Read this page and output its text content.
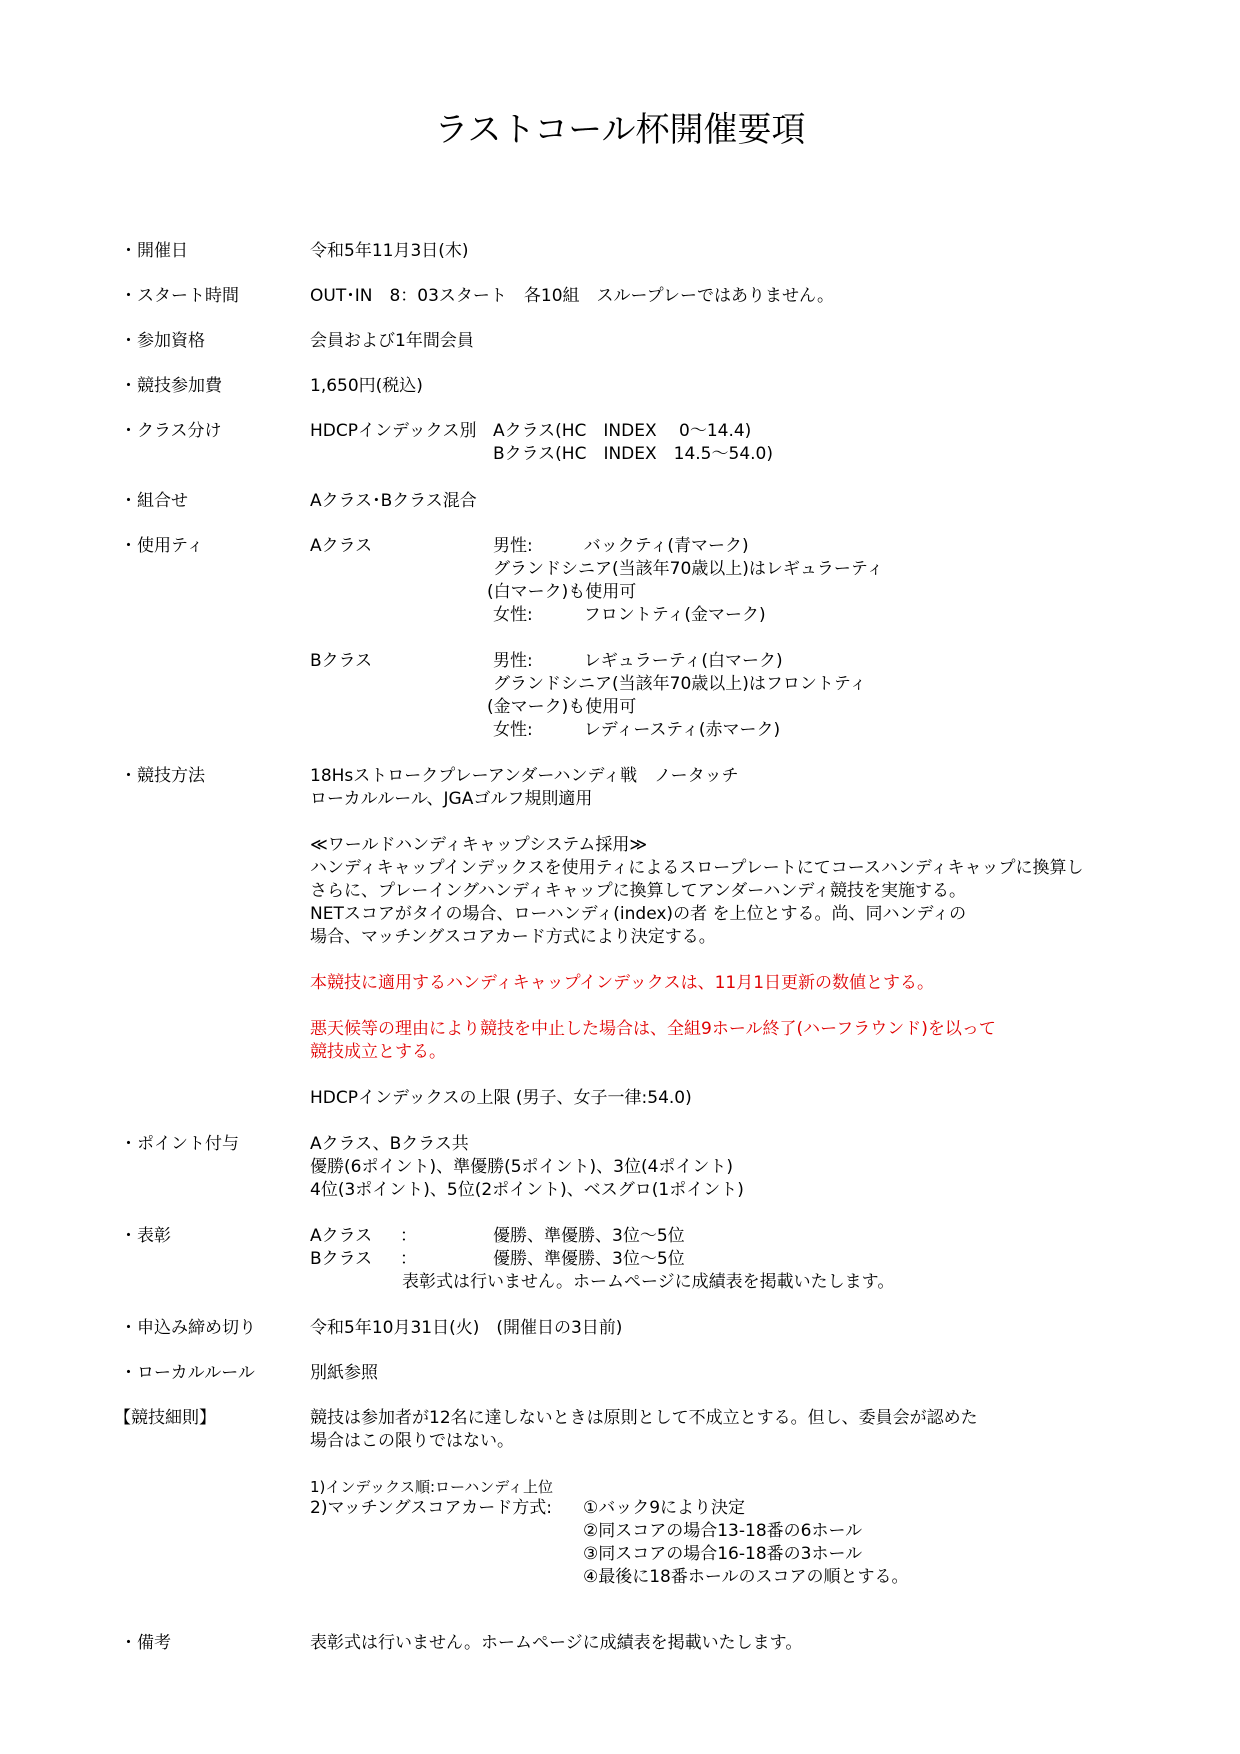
ラストコール杯開催要項
・開催日	令和5年11月3日(木)
・スタート時間	OUT･IN　8：03スタート　各10組　スループレーではありません。
・参加資格	会員および1年間会員
・競技参加費	1,650円(税込)
・クラス分け	HDCPインデックス別 Aクラス(HC　INDEX　 0～14.4)
Bクラス(HC　INDEX　14.5～54.0)
・組合せ	Aクラス･Bクラス混合
・使用ティ	Aクラス	男性:　　　バックティ(青マーク)
グランドシニア(当該年70歳以上)はレギュラーティ
(白マーク)も使用可
女性:　　　フロントティ(金マーク)
Bクラス	男性:　　　レギュラーティ(白マーク)
グランドシニア(当該年70歳以上)はフロントティ
(金マーク)も使用可
女性:　　　レディースティ(赤マーク)
・競技方法	18Hsストロークプレーアンダーハンディ戦　ノータッチ
ローカルルール、JGAゴルフ規則適用
≪ワールドハンディキャップシステム採用≫
ハンディキャップインデックスを使用ティによるスロープレートにてコースハンディキャップに換算し
さらに、プレーイングハンディキャップに換算してアンダーハンディ競技を実施する。
NETスコアがタイの場合、ローハンディ(index)の者 を上位とする。尚、同ハンディの
場合、マッチングスコアカード方式により決定する。
本競技に適用するハンディキャップインデックスは、11月1日更新の数値とする。
悪天候等の理由により競技を中止した場合は、全組9ホール終了(ハーフラウンド)を以って
競技成立とする。
HDCPインデックスの上限 (男子、女子一律:54.0)
・ポイント付与	Aクラス、Bクラス共
優勝(6ポイント)、準優勝(5ポイント)、3位(4ポイント)
4位(3ポイント)、5位(2ポイント)、ベスグロ(1ポイント)
・表彰	Aクラス ：	優勝、準優勝、3位～5位
Bクラス ：	優勝、準優勝、3位～5位
表彰式は行いません。ホームページに成績表を掲載いたします。
・申込み締め切り	令和5年10月31日(火)　(開催日の3日前)
・ローカルルール	別紙参照
【競技細則】	競技は参加者が12名に達しないときは原則として不成立とする。但し、委員会が認めた
場合はこの限りではない。
1)インデックス順:ローハンディ上位
2)マッチングスコアカード方式: ①バック9により決定
②同スコアの場合13-18番の6ホール
③同スコアの場合16-18番の3ホール
④最後に18番ホールのスコアの順とする。
・備考	表彰式は行いません。ホームページに成績表を掲載いたします。
